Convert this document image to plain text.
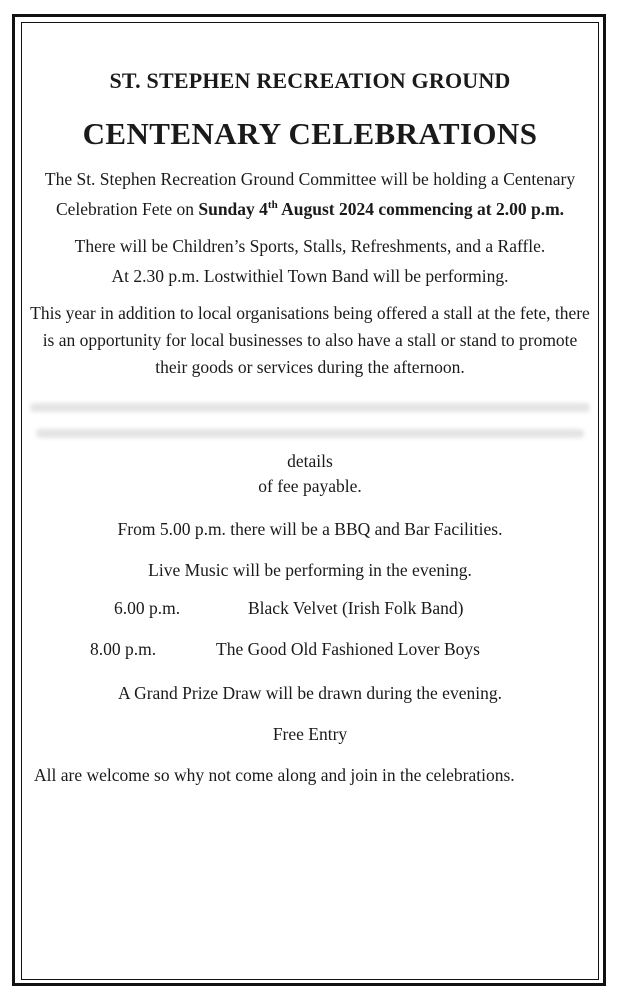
ST. STEPHEN RECREATION GROUND

CENTENARY CELEBRATIONS

The St. Stephen Recreation Ground Committee will be holding a Centenary Celebration Fete on Sunday 4th August 2024 commencing at 2.00 p.m.

There will be Children’s Sports, Stalls, Refreshments, and a Raffle.

At 2.30 p.m. Lostwithiel Town Band will be performing.

This year in addition to local organisations being offered a stall at the fete, there is an opportunity for local businesses to also have a stall or stand to promote their goods or services during the afternoon.

details

of fee payable.

From 5.00 p.m. there will be a BBQ and Bar Facilities.

Live Music will be performing in the evening.

6.00 p.m.	Black Velvet (Irish Folk Band)
8.00 p.m.	The Good Old Fashioned Lover Boys

A Grand Prize Draw will be drawn during the evening.

Free Entry

All are welcome so why not come along and join in the celebrations.
